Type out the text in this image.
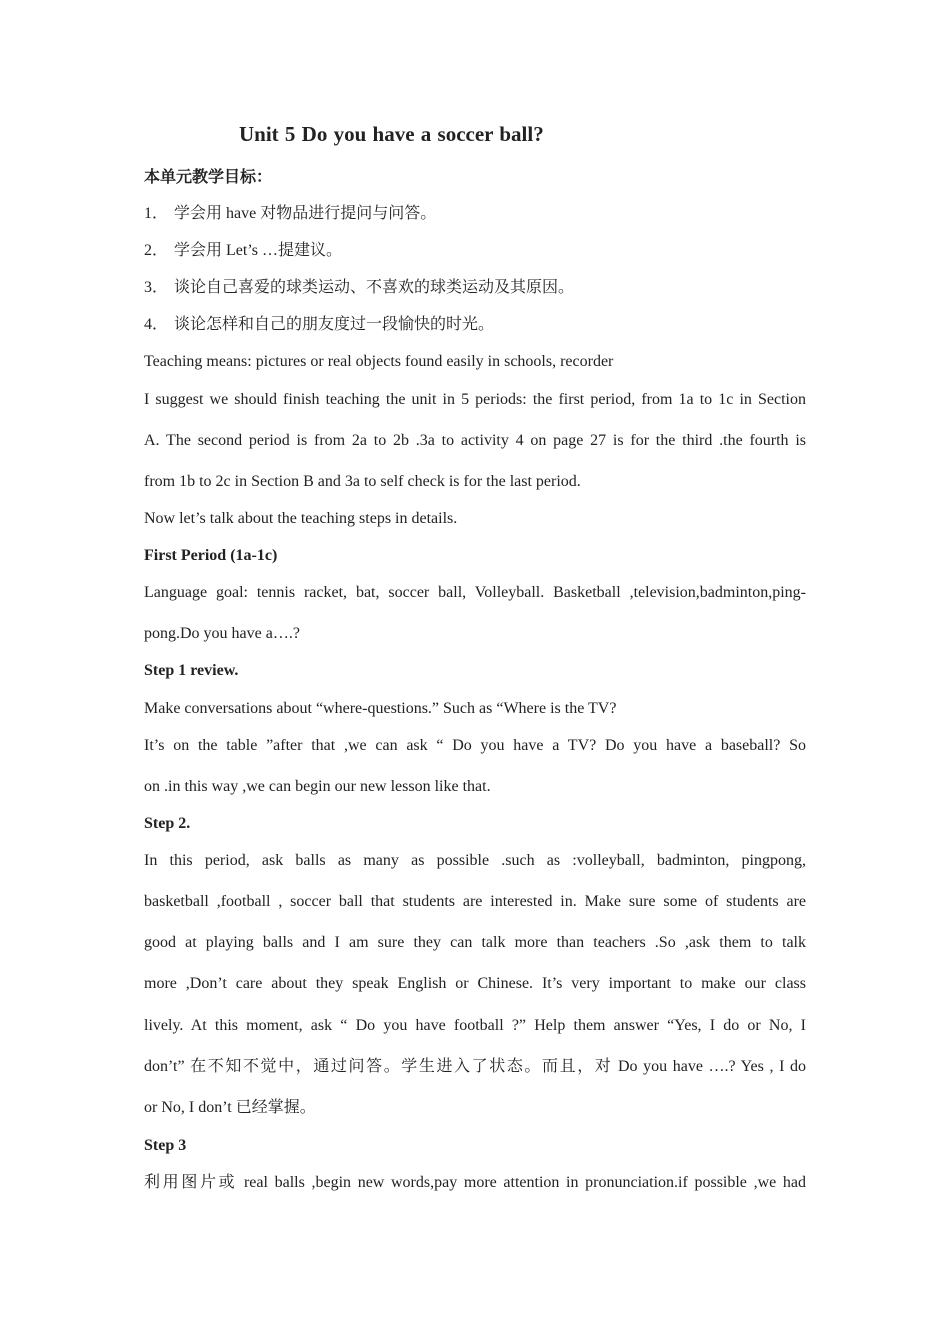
Unit 5 Do you have a soccer ball?
本单元教学目标：
1． 学会用 have 对物品进行提问与问答。
2． 学会用 Let’s …提建议。
3． 谈论自己喜爱的球类运动、不喜欢的球类运动及其原因。
4． 谈论怎样和自己的朋友度过一段愉快的时光。
Teaching means: pictures or real objects found easily in schools, recorder
I suggest we should finish teaching the unit in 5 periods: the first period, from 1a to 1c in Section
A. The second period is from 2a to 2b .3a to activity 4 on page 27 is for the third .the fourth is
from 1b to 2c in Section B and 3a to self check is for the last period.
Now let’s talk about the teaching steps in details.
First Period (1a-1c)
Language goal: tennis racket, bat, soccer ball, Volleyball. Basketball ,television,badminton,ping-
pong.Do you have a….?
Step 1 review.
Make conversations about “where-questions.” Such as “Where is the TV?
It’s on the table ”after that ,we can ask “ Do you have a TV? Do you have a baseball? So
on .in this way ,we can begin our new lesson like that.
Step 2.
In this period, ask balls as many as possible .such as :volleyball, badminton, pingpong,
basketball ,football , soccer ball that students are interested in. Make sure some of students are
good at playing balls and I am sure they can talk more than teachers .So ,ask them to talk
more ,Don’t care about they speak English or Chinese. It’s very important to make our class
lively. At this moment, ask “ Do you have football ?” Help them answer “Yes, I do or No, I
don’t” 在不知不觉中，通过问答。学生进入了状态。而且，对 Do you have ….? Yes , I do
or No, I don’t 已经掌握。
Step 3
利用图片或 real balls ,begin new words,pay more attention in pronunciation.if possible ,we had
